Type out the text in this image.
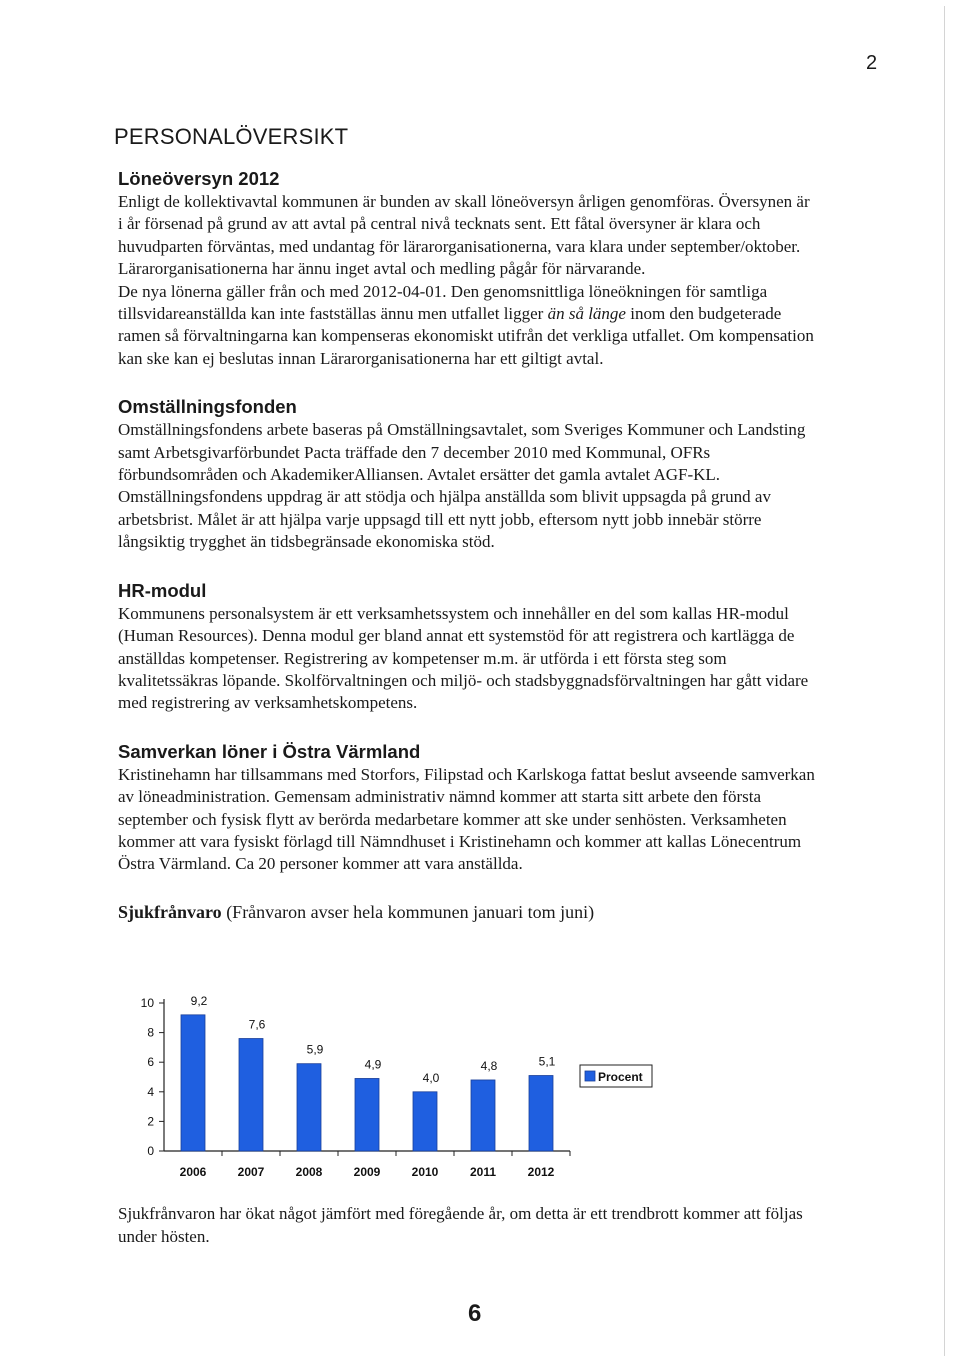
2
PERSONALÖVERSIKT
Löneöversyn 2012

Enligt de kollektivavtal kommunen är bunden av skall löneöversyn årligen genomföras. Översynen är i år försenad på grund av att avtal på central nivå tecknats sent. Ett fåtal översyner är klara och huvudparten förväntas, med undantag för lärarorganisationerna, vara klara under september/oktober. Lärarorganisationerna har ännu inget avtal och medling pågår för närvarande.

De nya lönerna gäller från och med 2012-04-01. Den genomsnittliga löneökningen för samtliga tillsvidareanställda kan inte fastställas ännu men utfallet ligger än så länge inom den budgeterade ramen så förvaltningarna kan kompenseras ekonomiskt utifrån det verkliga utfallet. Om kompensation kan ske kan ej beslutas innan Lärarorganisationerna har ett giltigt avtal.

Omställningsfonden

Omställningsfondens arbete baseras på Omställningsavtalet, som Sveriges Kommuner och Landsting samt Arbetsgivarförbundet Pacta träffade den 7 december 2010 med Kommunal, OFRs förbundsområden och AkademikerAlliansen. Avtalet ersätter det gamla avtalet AGF-KL. Omställningsfondens uppdrag är att stödja och hjälpa anställda som blivit uppsagda på grund av arbetsbrist. Målet är att hjälpa varje uppsagd till ett nytt jobb, eftersom nytt jobb innebär större långsiktig trygghet än tidsbegränsade ekonomiska stöd.

HR-modul

Kommunens personalsystem är ett verksamhetssystem och innehåller en del som kallas HR-modul (Human Resources). Denna modul ger bland annat ett systemstöd för att registrera och kartlägga de anställdas kompetenser. Registrering av kompetenser m.m. är utförda i ett första steg som kvalitetssäkras löpande. Skolförvaltningen och miljö- och stadsbyggnadsförvaltningen har gått vidare med registrering av verksamhetskompetens.

Samverkan löner i Östra Värmland

Kristinehamn har tillsammans med Storfors, Filipstad och Karlskoga fattat beslut avseende samverkan av löneadministration. Gemensam administrativ nämnd kommer att starta sitt arbete den första september och fysisk flytt av berörda medarbetare kommer att ske under senhösten. Verksamheten kommer att vara fysiskt förlagd till Nämndhuset i Kristinehamn och kommer att kallas Lönecentrum Östra Värmland. Ca 20 personer kommer att vara anställda.

Sjukfrånvaro (Frånvaron avser hela kommunen januari tom juni)

0
2
4
6
8
10	9,2
2006
7,6
2007
5,9
2008
4,9
2009
4,0
2010
4,8
2011
5,1
2012
Procent

Sjukfrånvaron har ökat något jämfört med föregående år, om detta är ett trendbrott kommer att följas under hösten.

6
